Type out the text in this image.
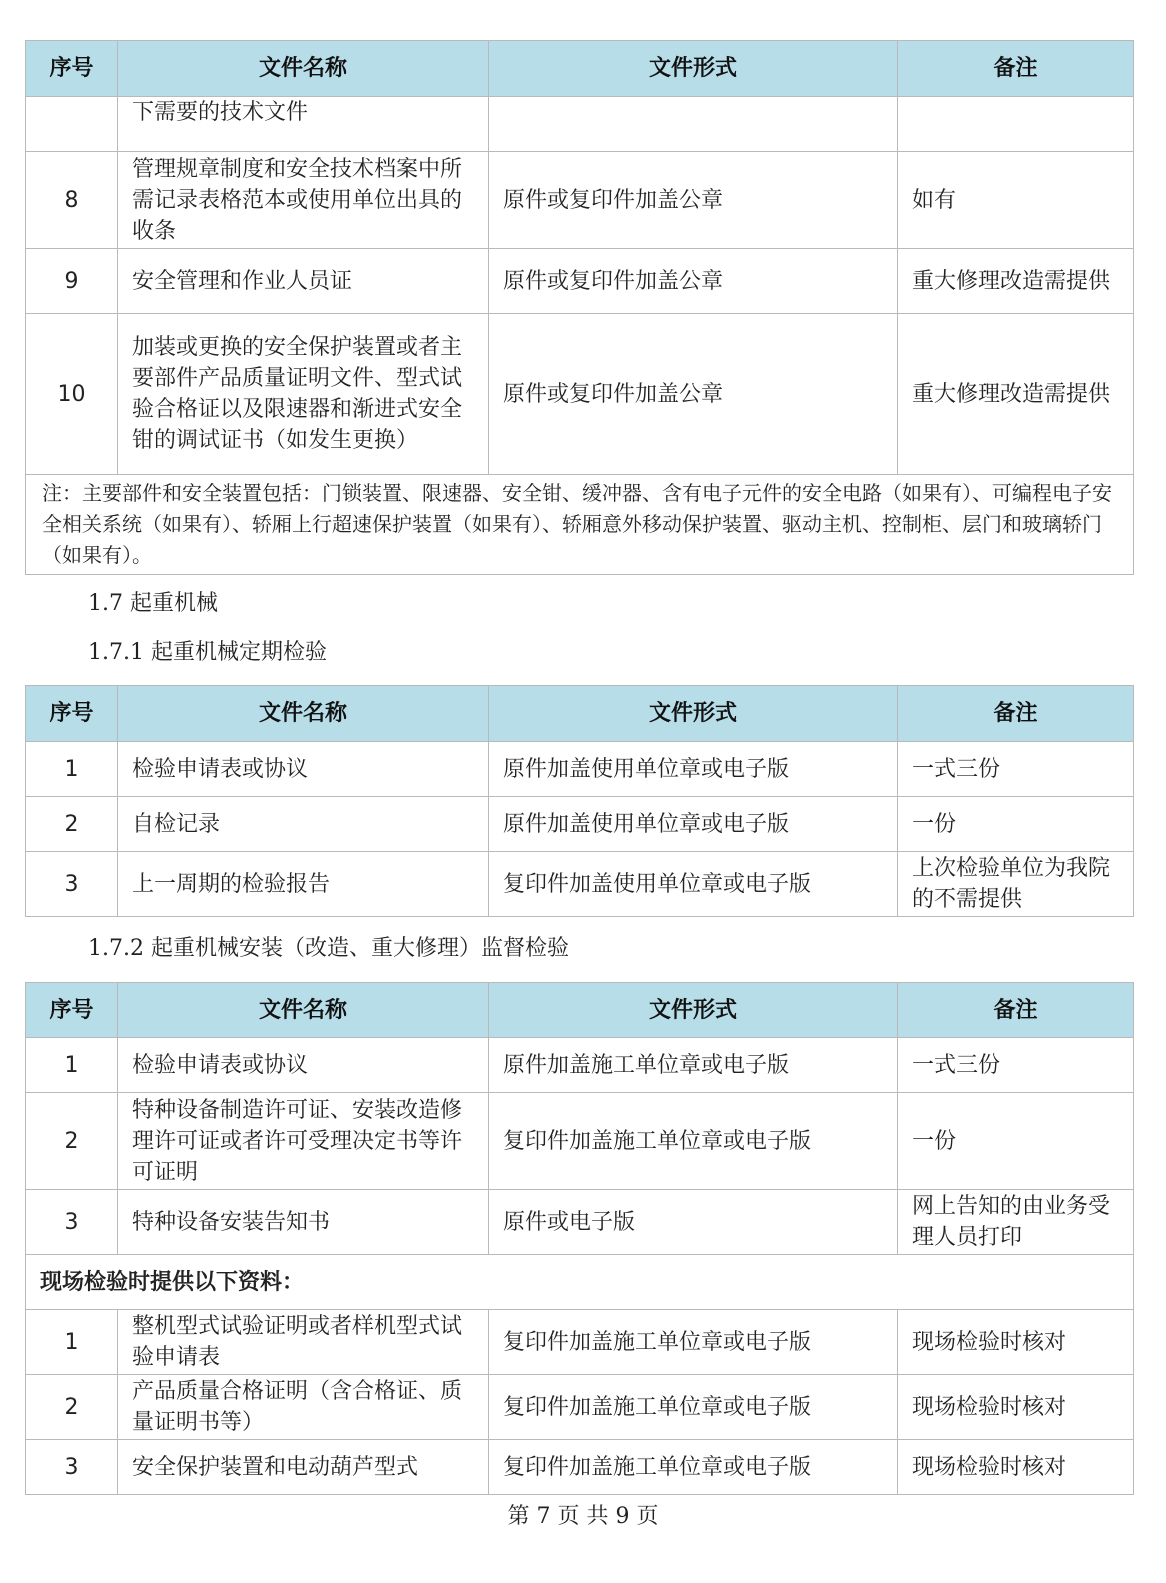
序号	文件名称	文件形式	备注
	下需要的技术文件		
8	管理规章制度和安全技术档案中所需记录表格范本或使用单位出具的收条	原件或复印件加盖公章	如有
9	安全管理和作业人员证	原件或复印件加盖公章	重大修理改造需提供
10	加装或更换的安全保护装置或者主要部件产品质量证明文件、型式试验合格证以及限速器和渐进式安全钳的调试证书（如发生更换）	原件或复印件加盖公章	重大修理改造需提供
注：主要部件和安全装置包括：门锁装置、限速器、安全钳、缓冲器、含有电子元件的安全电路（如果有）、可编程电子安全相关系统（如果有）、轿厢上行超速保护装置（如果有）、轿厢意外移动保护装置、驱动主机、控制柜、层门和玻璃轿门（如果有）。			
1.7 起重机械
1.7.1 起重机械定期检验
序号	文件名称	文件形式	备注
1	检验申请表或协议	原件加盖使用单位章或电子版	一式三份
2	自检记录	原件加盖使用单位章或电子版	一份
3	上一周期的检验报告	复印件加盖使用单位章或电子版	上次检验单位为我院的不需提供
1.7.2 起重机械安装（改造、重大修理）监督检验
序号	文件名称	文件形式	备注
1	检验申请表或协议	原件加盖施工单位章或电子版	一式三份
2	特种设备制造许可证、安装改造修理许可证或者许可受理决定书等许可证明	复印件加盖施工单位章或电子版	一份
3	特种设备安装告知书	原件或电子版	网上告知的由业务受理人员打印
现场检验时提供以下资料：			
1	整机型式试验证明或者样机型式试验申请表	复印件加盖施工单位章或电子版	现场检验时核对
2	产品质量合格证明（含合格证、质量证明书等）	复印件加盖施工单位章或电子版	现场检验时核对
3	安全保护装置和电动葫芦型式	复印件加盖施工单位章或电子版	现场检验时核对
第 7 页 共 9 页
